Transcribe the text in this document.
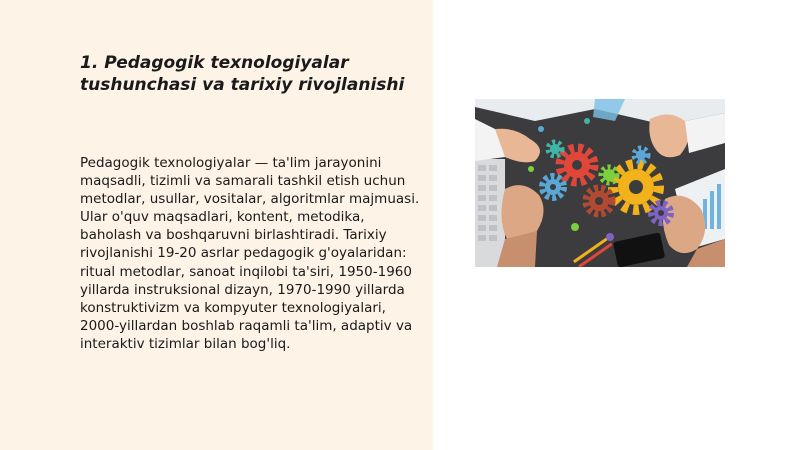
1. Pedagogik texnologiyalar tushunchasi va tarixiy rivojlanishi

Pedagogik texnologiyalar — ta'lim jarayonini maqsadli, tizimli va samarali tashkil etish uchun metodlar, usullar, vositalar, algoritmlar majmuasi. Ular o'quv maqsadlari, kontent, metodika, baholash va boshqaruvni birlashtiradi. Tarixiy rivojlanishi 19-20 asrlar pedagogik g'oyalaridan: ritual metodlar, sanoat inqilobi ta'siri, 1950-1960 yillarda instruksional dizayn, 1970-1990 yillarda konstruktivizm va kompyuter texnologiyalari, 2000-yillardan boshlab raqamli ta'lim, adaptiv va interaktiv tizimlar bilan bog'liq.
